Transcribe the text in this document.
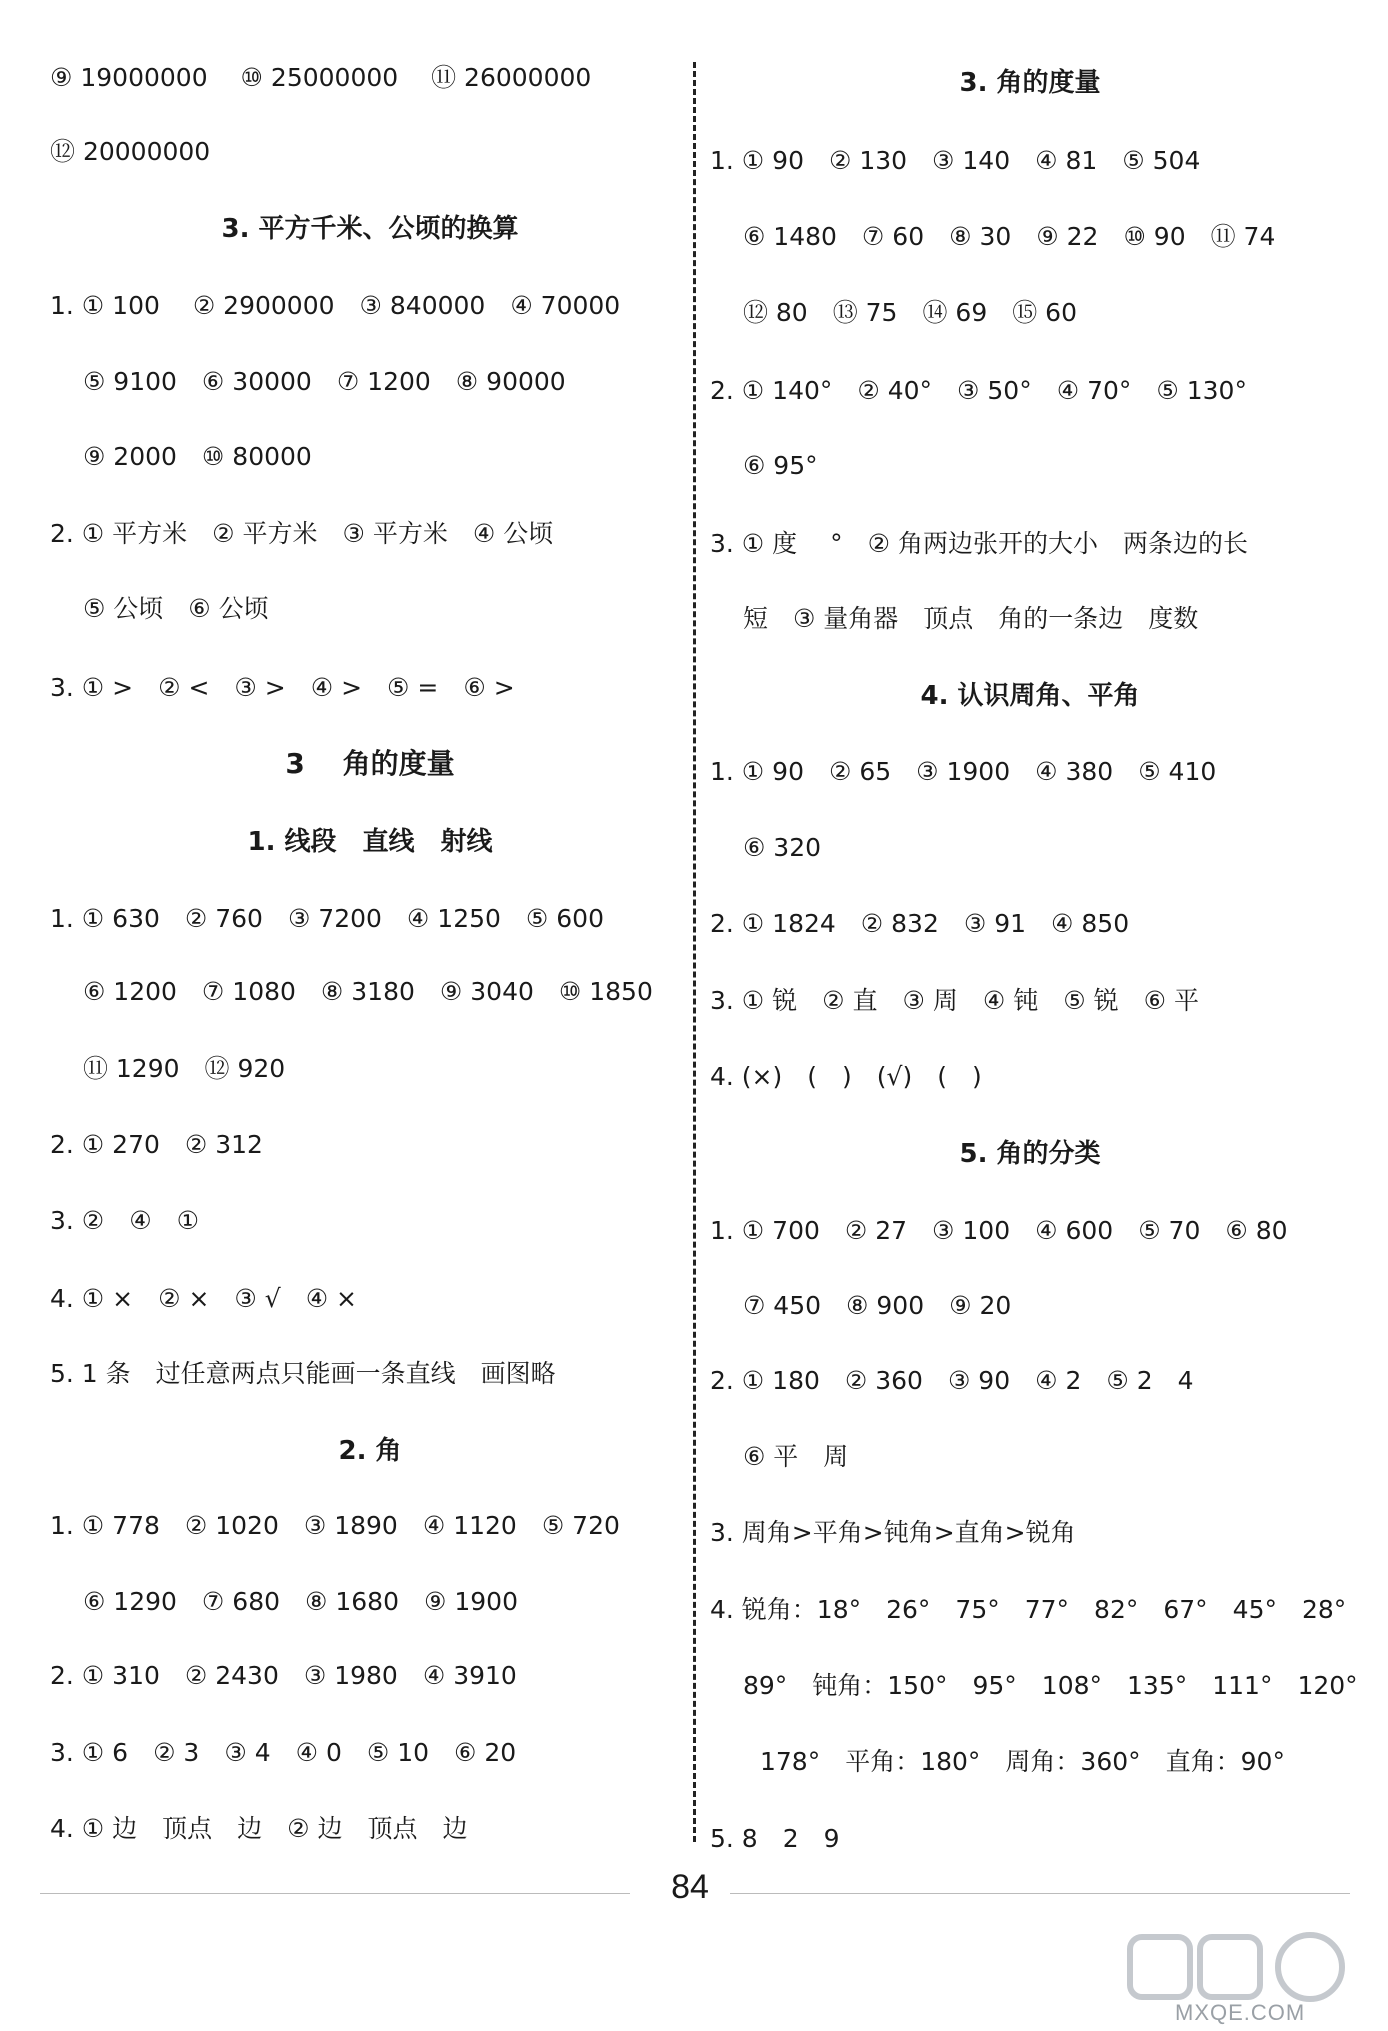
⑨ 19000000　 ⑩ 25000000　 ⑪ 26000000
⑫ 20000000
3. 平方千米、公顷的换算
1. ① 100　 ② 2900000　③ 840000　④ 70000
　 ⑤ 9100　⑥ 30000　⑦ 1200　⑧ 90000
　 ⑨ 2000　⑩ 80000
2. ① 平方米　② 平方米　③ 平方米　④ 公顷
　 ⑤ 公顷　⑥ 公顷
3. ① >　② <　③ >　④ >　⑤ =　⑥ >
3　 角的度量
1. 线段　直线　射线
1. ① 630　② 760　③ 7200　④ 1250　⑤ 600
　 ⑥ 1200　⑦ 1080　⑧ 3180　⑨ 3040　⑩ 1850
　 ⑪ 1290　⑫ 920
2. ① 270　② 312
3. ②　④　①
4. ① ×　② ×　③ √　④ ×
5. 1 条　过任意两点只能画一条直线　画图略
2. 角
1. ① 778　② 1020　③ 1890　④ 1120　⑤ 720
　 ⑥ 1290　⑦ 680　⑧ 1680　⑨ 1900
2. ① 310　② 2430　③ 1980　④ 3910
3. ① 6　② 3　③ 4　④ 0　⑤ 10　⑥ 20
4. ① 边　顶点　边　② 边　顶点　边
3. 角的度量
1. ① 90　② 130　③ 140　④ 81　⑤ 504
　 ⑥ 1480　⑦ 60　⑧ 30　⑨ 22　⑩ 90　⑪ 74
　 ⑫ 80　⑬ 75　⑭ 69　⑮ 60
2. ① 140°　② 40°　③ 50°　④ 70°　⑤ 130°
　 ⑥ 95°
3. ① 度　 °　② 角两边张开的大小　两条边的长
　 短　③ 量角器　顶点　角的一条边　度数
4. 认识周角、平角
1. ① 90　② 65　③ 1900　④ 380　⑤ 410
　 ⑥ 320
2. ① 1824　② 832　③ 91　④ 850
3. ① 锐　② 直　③ 周　④ 钝　⑤ 锐　⑥ 平
4. (×)　(　)　(√)　(　)
5. 角的分类
1. ① 700　② 27　③ 100　④ 600　⑤ 70　⑥ 80
　 ⑦ 450　⑧ 900　⑨ 20
2. ① 180　② 360　③ 90　④ 2　⑤ 2　4
　 ⑥ 平　周
3. 周角>平角>钝角>直角>锐角
4. 锐角：18°　26°　75°　77°　82°　67°　45°　28°
　 89°　钝角：150°　95°　108°　135°　111°　120°
　　178°　平角：180°　周角：360°　直角：90°
5. 8　2　9
84
MXQE.COM
